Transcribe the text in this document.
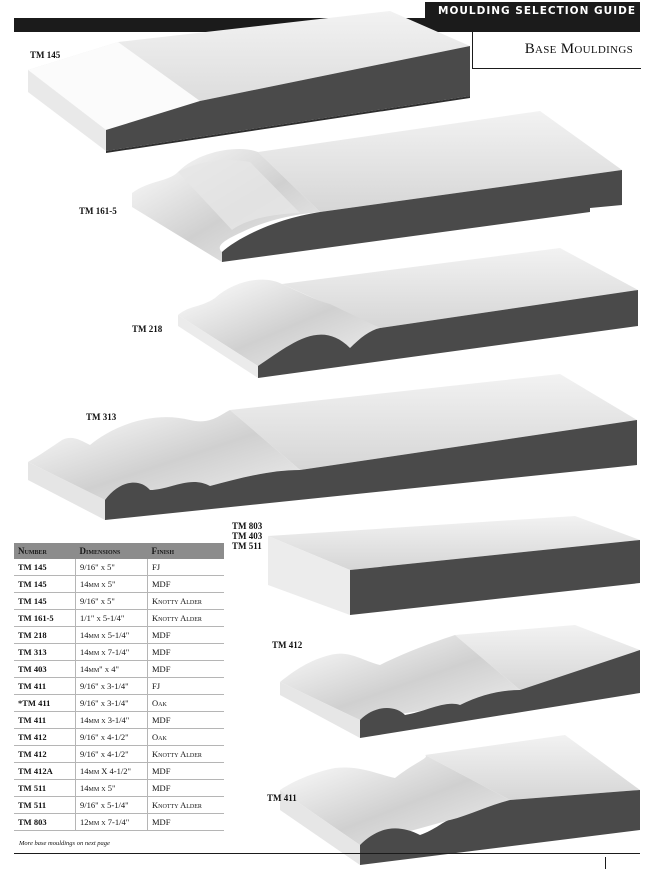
MOULDING SELECTION GUIDE
Base Mouldings
TM 145
TM 161-5
TM 218
TM 313
TM 803
TM 403
TM 511
TM 412
TM 411
Number	Dimensions	Finish
TM 145	9/16" x 5"	FJ
TM 145	14mm x 5"	MDF
TM 145	9/16" x 5"	Knotty Alder
TM 161-5	1/1" x 5-1/4"	Knotty Alder
TM 218	14mm x 5-1/4"	MDF
TM 313	14mm x 7-1/4"	MDF
TM 403	14mm" x 4"	MDF
TM 411	9/16" x 3-1/4"	FJ
*TM 411	9/16" x 3-1/4"	Oak
TM 411	14mm x 3-1/4"	MDF
TM 412	9/16" x 4-1/2"	Oak
TM 412	9/16" x 4-1/2"	Knotty Alder
TM 412A	14mm X 4-1/2"	MDF
TM 511	14mm x 5"	MDF
TM 511	9/16" x 5-1/4"	Knotty Alder
TM 803	12mm x 7-1/4"	MDF
More base mouldings on next page
